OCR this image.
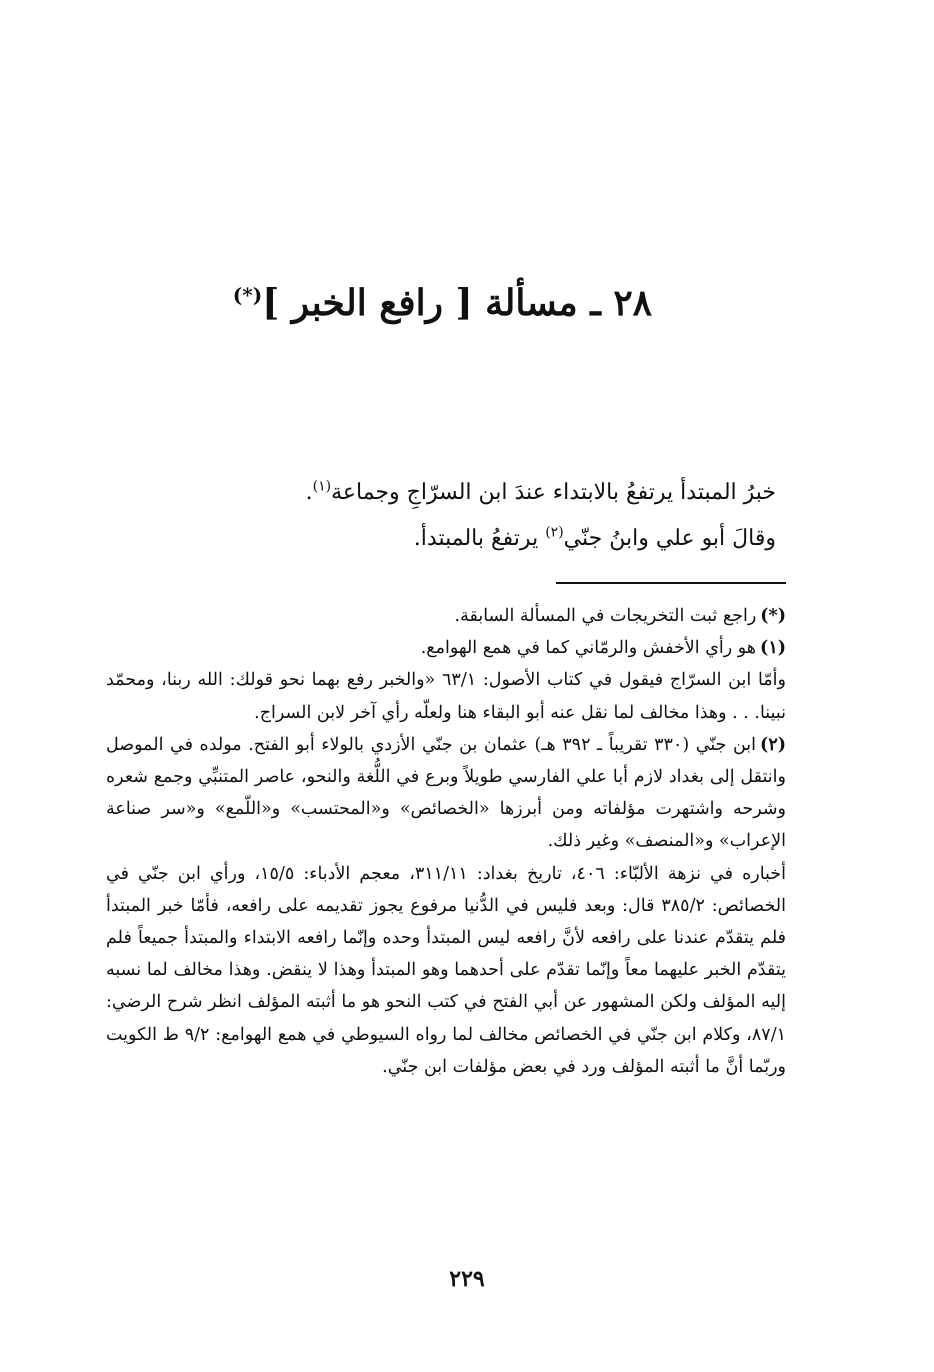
٢٨ ـ مسألة [ رافع الخبر ](*)

خبرُ المبتدأ يرتفعُ بالابتداء عندَ ابن السرّاجِ وجماعة$^{(١)}$.

وقالَ أبو علي وابنُ جنّي$^{(٢)}$ يرتفعُ بالمبتدأ.

(*)راجع ثبت التخريجات في المسألة السابقة.

(١)هو رأي الأخفش والرمّاني كما في همع الهوامع.

وأمّا ابن السرّاج فيقول في كتاب الأصول: ٦٣/١ «والخبر رفع بهما نحو قولك: الله ربنا، ومحمّد نبينا. . . وهذا مخالف لما نقل عنه أبو البقاء هنا ولعلّه رأي آخر لابن السراج.

(٢)ابن جنّي (٣٣٠ تقريباً ـ ٣٩٢ هـ) عثمان بن جنّي الأزدي بالولاء أبو الفتح. مولده في الموصل وانتقل إلى بغداد لازم أبا علي الفارسي طويلاً وبرع في اللُّغة والنحو، عاصر المتنبِّي وجمع شعره وشرحه واشتهرت مؤلفاته ومن أبرزها «الخصائص» و«المحتسب» و«اللّمع» و«سر صناعة الإعراب» و«المنصف» وغير ذلك.

أخباره في نزهة الألبّاء: ٤٠٦، تاريخ بغداد: ٣١١/١١، معجم الأدباء: ١٥/٥، ورأي ابن جنّي في الخصائص: ٣٨٥/٢ قال: وبعد فليس في الدُّنيا مرفوع يجوز تقديمه على رافعه، فأمّا خبر المبتدأ فلم يتقدّم عندنا على رافعه لأنَّ رافعه ليس المبتدأ وحده وإنّما رافعه الابتداء والمبتدأ جميعاً فلم يتقدّم الخبر عليهما معاً وإنّما تقدّم على أحدهما وهو المبتدأ وهذا لا ينقض. وهذا مخالف لما نسبه إليه المؤلف ولكن المشهور عن أبي الفتح في كتب النحو هو ما أثبته المؤلف انظر شرح الرضي: ٨٧/١، وكلام ابن جنّي في الخصائص مخالف لما رواه السيوطي في همع الهوامع: ٩/٢ ط الكويت وربّما أنَّ ما أثبته المؤلف ورد في بعض مؤلفات ابن جنّي.

٢٢٩
